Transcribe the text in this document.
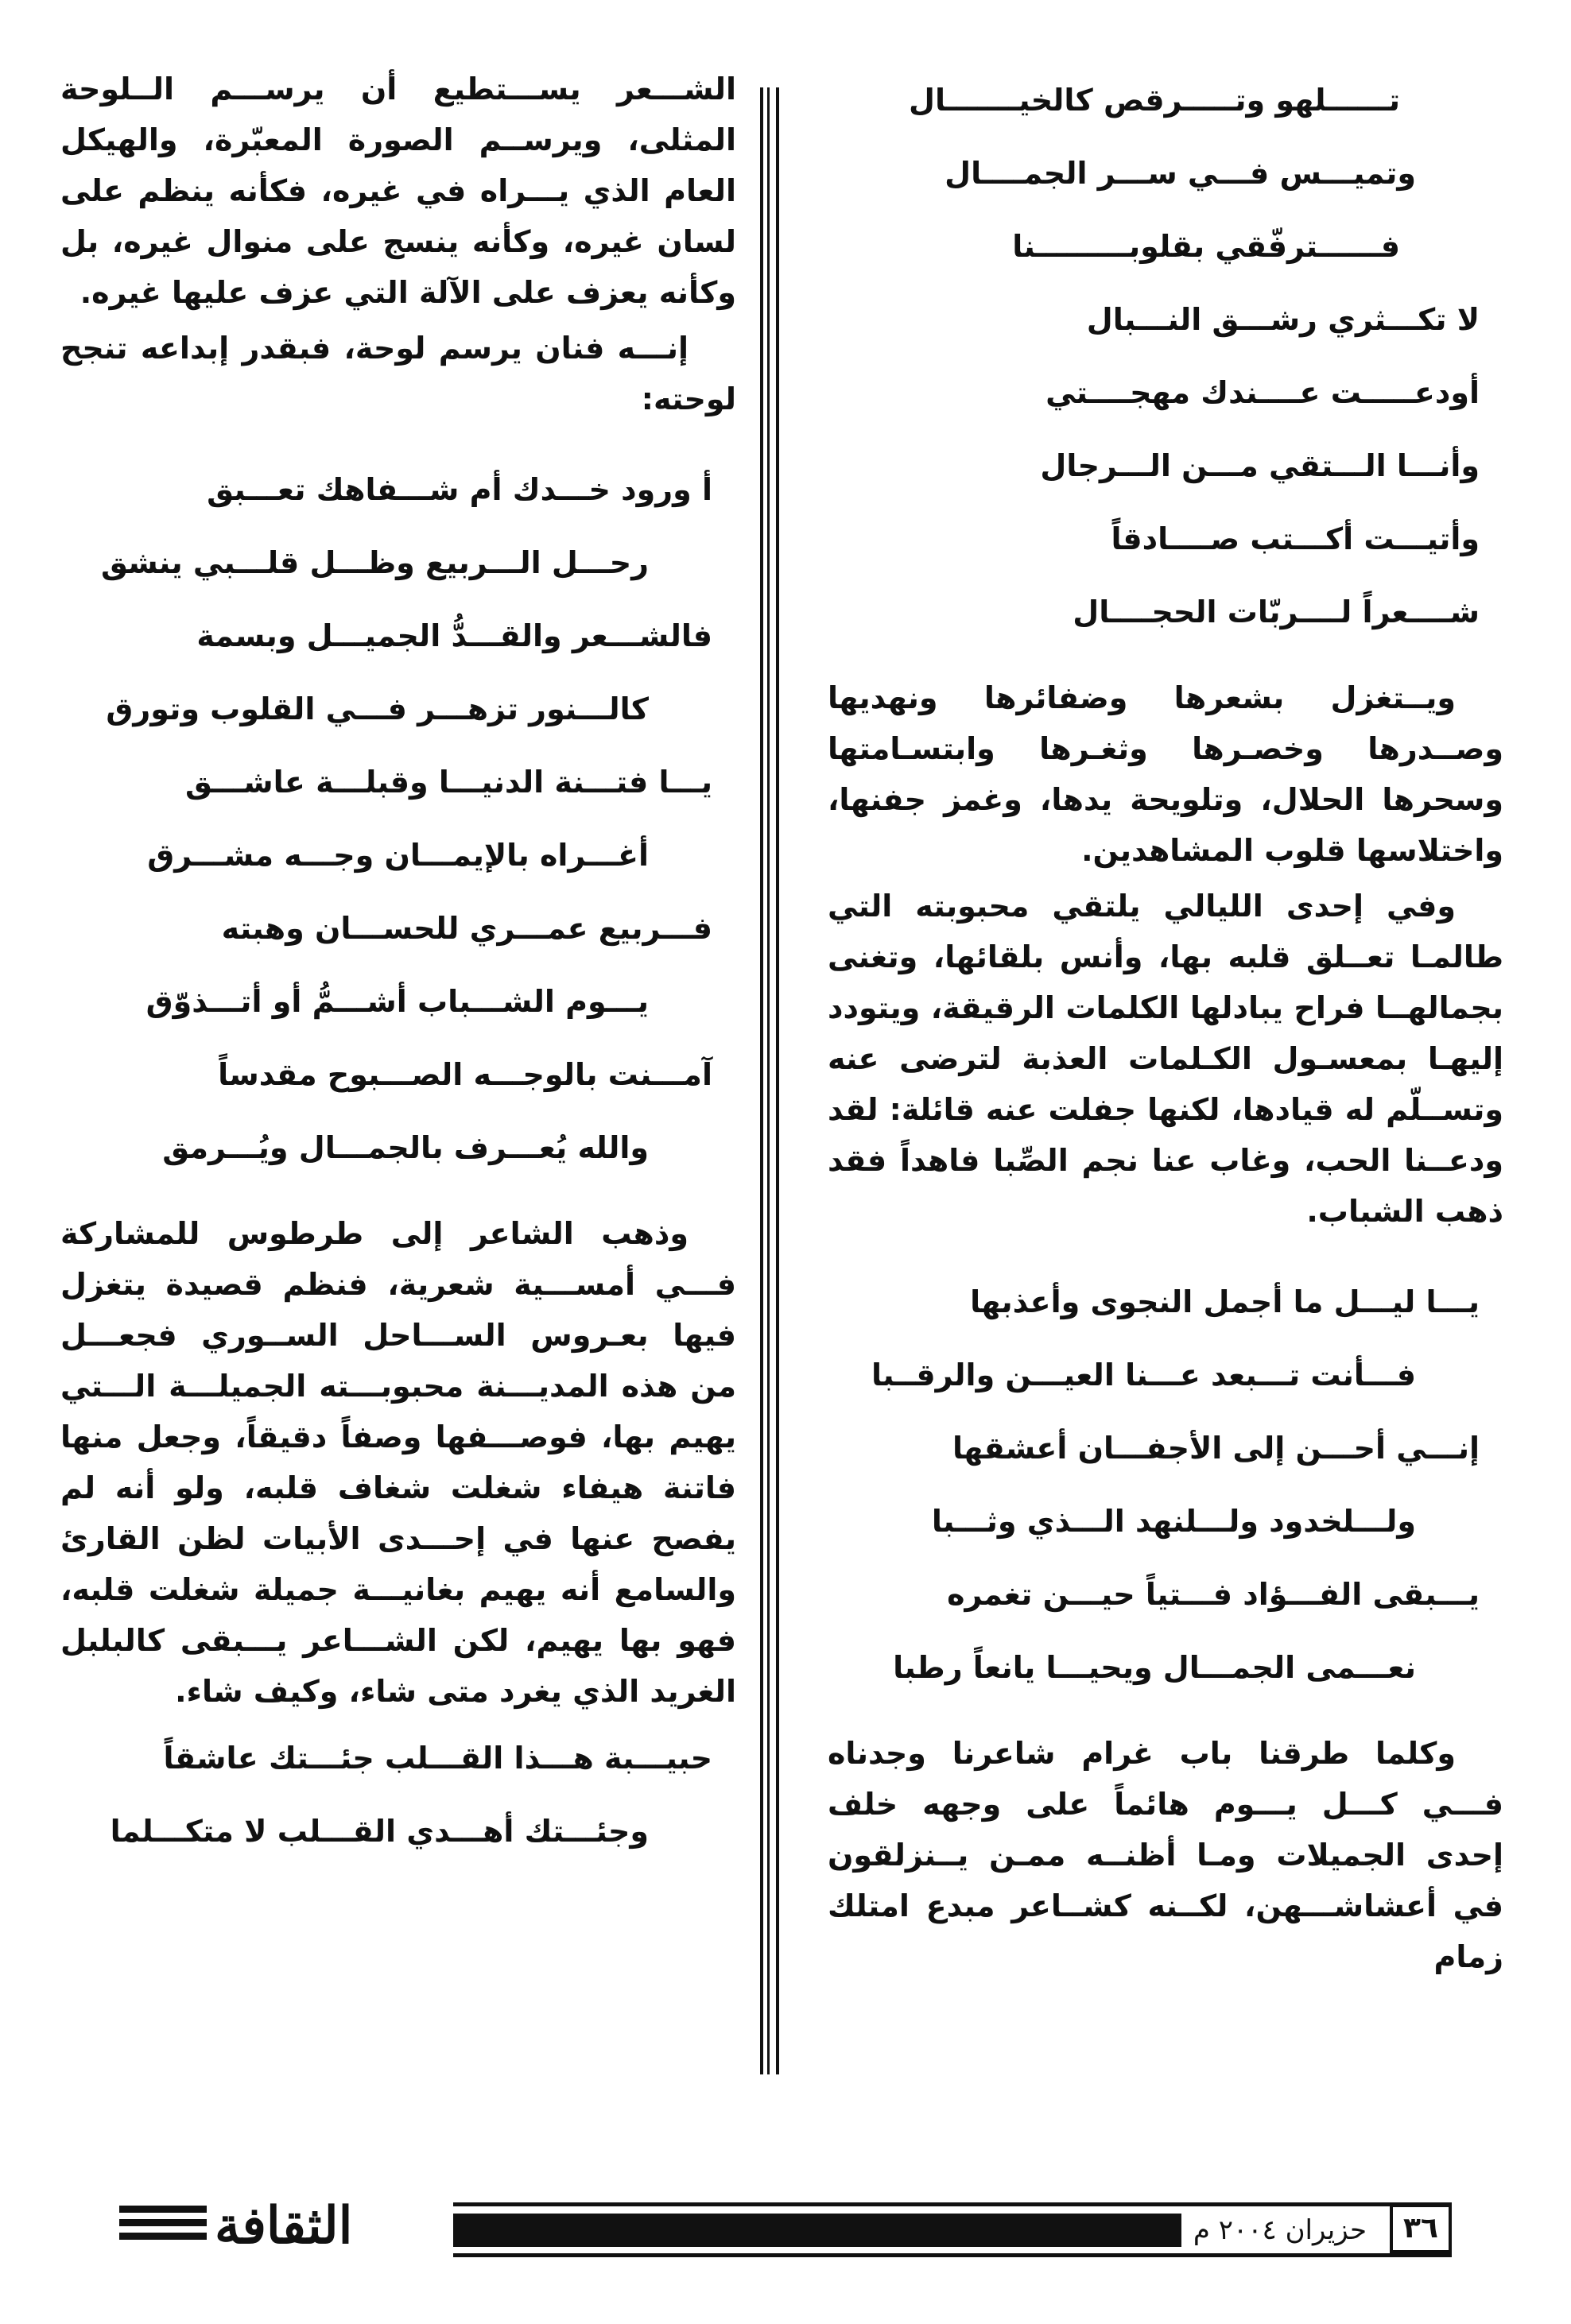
تــــــلهو وتـــــرقص كالخيـــــــال
وتميـــس فـــي ســـر الجمــــال
فــــــترفّقي بقلوبـــــــــنا
لا تكـــثري رشـــق النـــبال
أودعـــــت عــــندك مهجــــتي
وأنـــا الـــتقي مـــن الـــرجال
وأتيـــت أكـــتب صــــادقاً
شــــعراً لــــربّات الحجــــال

ويــتغزل بشعرها وضفائرها ونهديها وصــدرها وخصـرها وثغـرها وابتسـامتها وسحرها الحلال، وتلويحة يدها، وغمز جفنها، واختلاسها قلوب المشاهدين.

وفي إحدى الليالي يلتقي محبوبته التي طالمـا تعــلق قلبه بها، وأنس بلقائها، وتغنى بجمالهــا فراح يبادلها الكلمات الرقيقة، ويتودد إليهـا بمعسـول الكـلمات العذبة لترضى عنه وتســلّم له قيادها، لكنها جفلت عنه قائلة: لقد ودعــنا الحب، وغاب عنا نجم الصِّبا فاهداً فقد ذهب الشباب.

يـــا ليـــل ما أجمل النجوى وأعذبها
فـــأنت تـــبعد عـــنا العيـــن والرقــبا
إنـــي أحـــن إلى الأجفـــان أعشقها
ولـــلخدود ولـــلنهد الـــذي وثـــبا
يـــبقى الفـــؤاد فـــتياً حيـــن تغمره
نعـــمى الجمـــال ويحيـــا يانعاً رطبا

وكلما طرقنا باب غرام شاعرنا وجدناه فـــي كـــل يـــوم هائماً على وجهه خلف إحدى الجميلات ومـا أظنــه ممـن يــنزلقون في أعشاشـــهن، لكــنه كشــاعر مبدع امتلك زمام

الشـــعر يســـتطيع أن يرســـم الــلوحة المثلى، ويرســم الصورة المعبّرة، والهيكل العام الذي يـــراه في غيره، فكأنه ينظم على لسان غيره، وكأنه ينسج على منوال غيره، بل وكأنه يعزف على الآلة التي عزف عليها غيره.

إنـــه فنان يرسم لوحة، فبقدر إبداعه تنجح لوحته:

أ ورود خـــدك أم شـــفاهك تعـــبق
رحـــل الـــربيع وظـــل قلـــبي ينشق
فالشـــعر والقـــدُّ الجميـــل وبسمة
كالـــنور تزهـــر فـــي القلوب وتورق
يـــا فتـــنة الدنيـــا وقبلـــة عاشـــق
أغـــراه بالإيمـــان وجـــه مشـــرق
فـــربيع عمـــري للحســـان وهبته
يـــوم الشـــباب أشـــمُّ أو أتـــذوّق
آمـــنت بالوجـــه الصـــبوح مقدساً
والله يُعـــرف بالجمـــال ويُـــرمق

وذهب الشاعر إلى طرطوس للمشاركة فـــي أمســـية شعرية، فنظم قصيدة يتغزل فيها بعـروس الســـاحل الســوري فجعـــل من هذه المديـــنة محبوبـــته الجميلـــة الـــتي يهيم بها، فوصـــفها وصفاً دقيقاً، وجعل منها فاتنة هيفاء شغلت شغاف قلبه، ولو أنه لم يفصح عنها في إحـــدى الأبيات لظن القارئ والسامع أنه يهيم بغانيـــة جميلة شغلت قلبه، فهو بها يهيم، لكن الشـــاعر يـــبقى كالبلبل الغريد الذي يغرد متى شاء، وكيف شاء.

حبيـــبة هـــذا القـــلب جئـــتك عاشقاً
وجئـــتك أهـــدي القـــلب لا متكـــلما
الثقافة	حزيران ٢٠٠٤ م	٣٦
